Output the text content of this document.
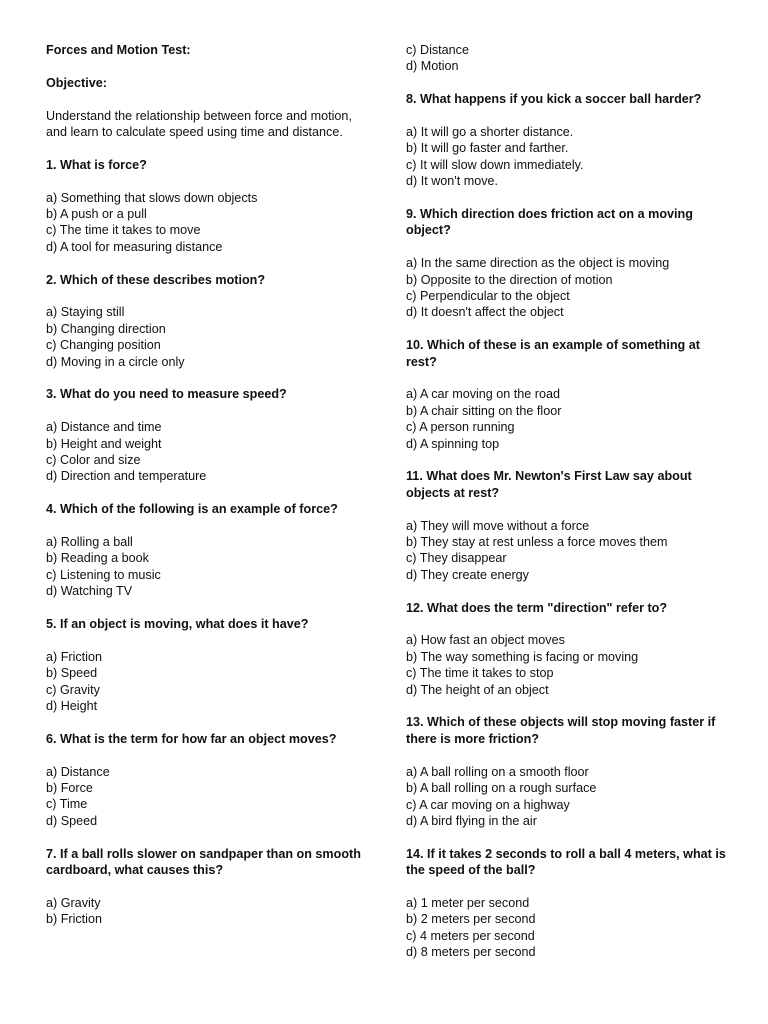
Forces and Motion Test:

Objective:

Understand the relationship between force and motion, and learn to calculate speed using time and distance.

1. What is force?

a) Something that slows down objects
b) A push or a pull
c) The time it takes to move
d) A tool for measuring distance

2. Which of these describes motion?

a) Staying still
b) Changing direction
c) Changing position
d) Moving in a circle only

3. What do you need to measure speed?

a) Distance and time
b) Height and weight
c) Color and size
d) Direction and temperature

4. Which of the following is an example of force?

a) Rolling a ball
b) Reading a book
c) Listening to music
d) Watching TV

5. If an object is moving, what does it have?

a) Friction
b) Speed
c) Gravity
d) Height

6. What is the term for how far an object moves?

a) Distance
b) Force
c) Time
d) Speed

7. If a ball rolls slower on sandpaper than on smooth cardboard, what causes this?

a) Gravity
b) Friction
c) Distance
d) Motion

8. What happens if you kick a soccer ball harder?

a) It will go a shorter distance.
b) It will go faster and farther.
c) It will slow down immediately.
d) It won't move.

9. Which direction does friction act on a moving object?

a) In the same direction as the object is moving
b) Opposite to the direction of motion
c) Perpendicular to the object
d) It doesn't affect the object

10. Which of these is an example of something at rest?

a) A car moving on the road
b) A chair sitting on the floor
c) A person running
d) A spinning top

11. What does Mr. Newton's First Law say about objects at rest?

a) They will move without a force
b) They stay at rest unless a force moves them
c) They disappear
d) They create energy

12. What does the term "direction" refer to?

a) How fast an object moves
b) The way something is facing or moving
c) The time it takes to stop
d) The height of an object

13. Which of these objects will stop moving faster if there is more friction?

a) A ball rolling on a smooth floor
b) A ball rolling on a rough surface
c) A car moving on a highway
d) A bird flying in the air

14. If it takes 2 seconds to roll a ball 4 meters, what is the speed of the ball?

a) 1 meter per second
b) 2 meters per second
c) 4 meters per second
d) 8 meters per second
